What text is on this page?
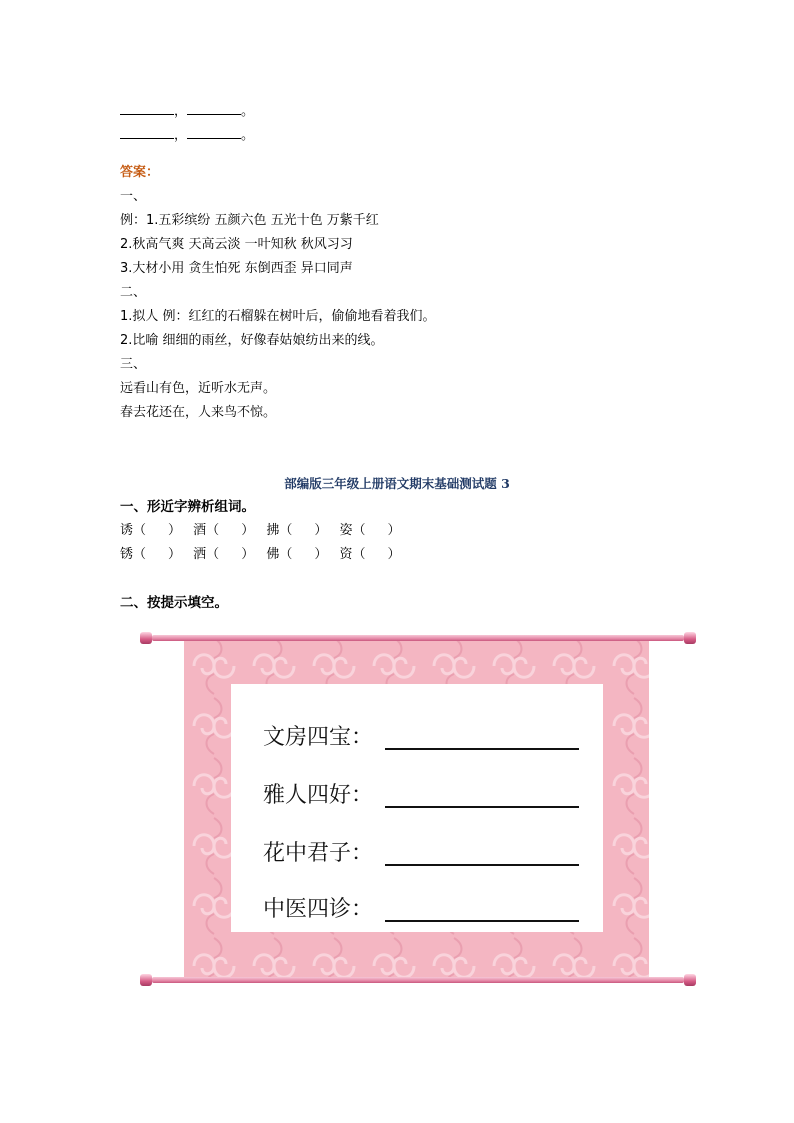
，	。
，	。
答案：
一、
例：1.五彩缤纷 五颜六色 五光十色 万紫千红
2.秋高气爽 天高云淡 一叶知秋 秋风习习
3.大材小用 贪生怕死 东倒西歪 异口同声
二、
1.拟人 例：红红的石榴躲在树叶后，偷偷地看着我们。
2.比喻 细细的雨丝，好像春姑娘纺出来的线。
三、
远看山有色，近听水无声。
春去花还在，人来鸟不惊。
部编版三年级上册语文期末基础测试题 3
一、形近字辨析组词。
诱（ ） 酒（ ） 拂（ ） 姿（ ）
锈（ ） 洒（ ） 佛（ ） 资（ ）
二、按提示填空。
文房四宝：
雅人四好：
花中君子：
中医四诊：
